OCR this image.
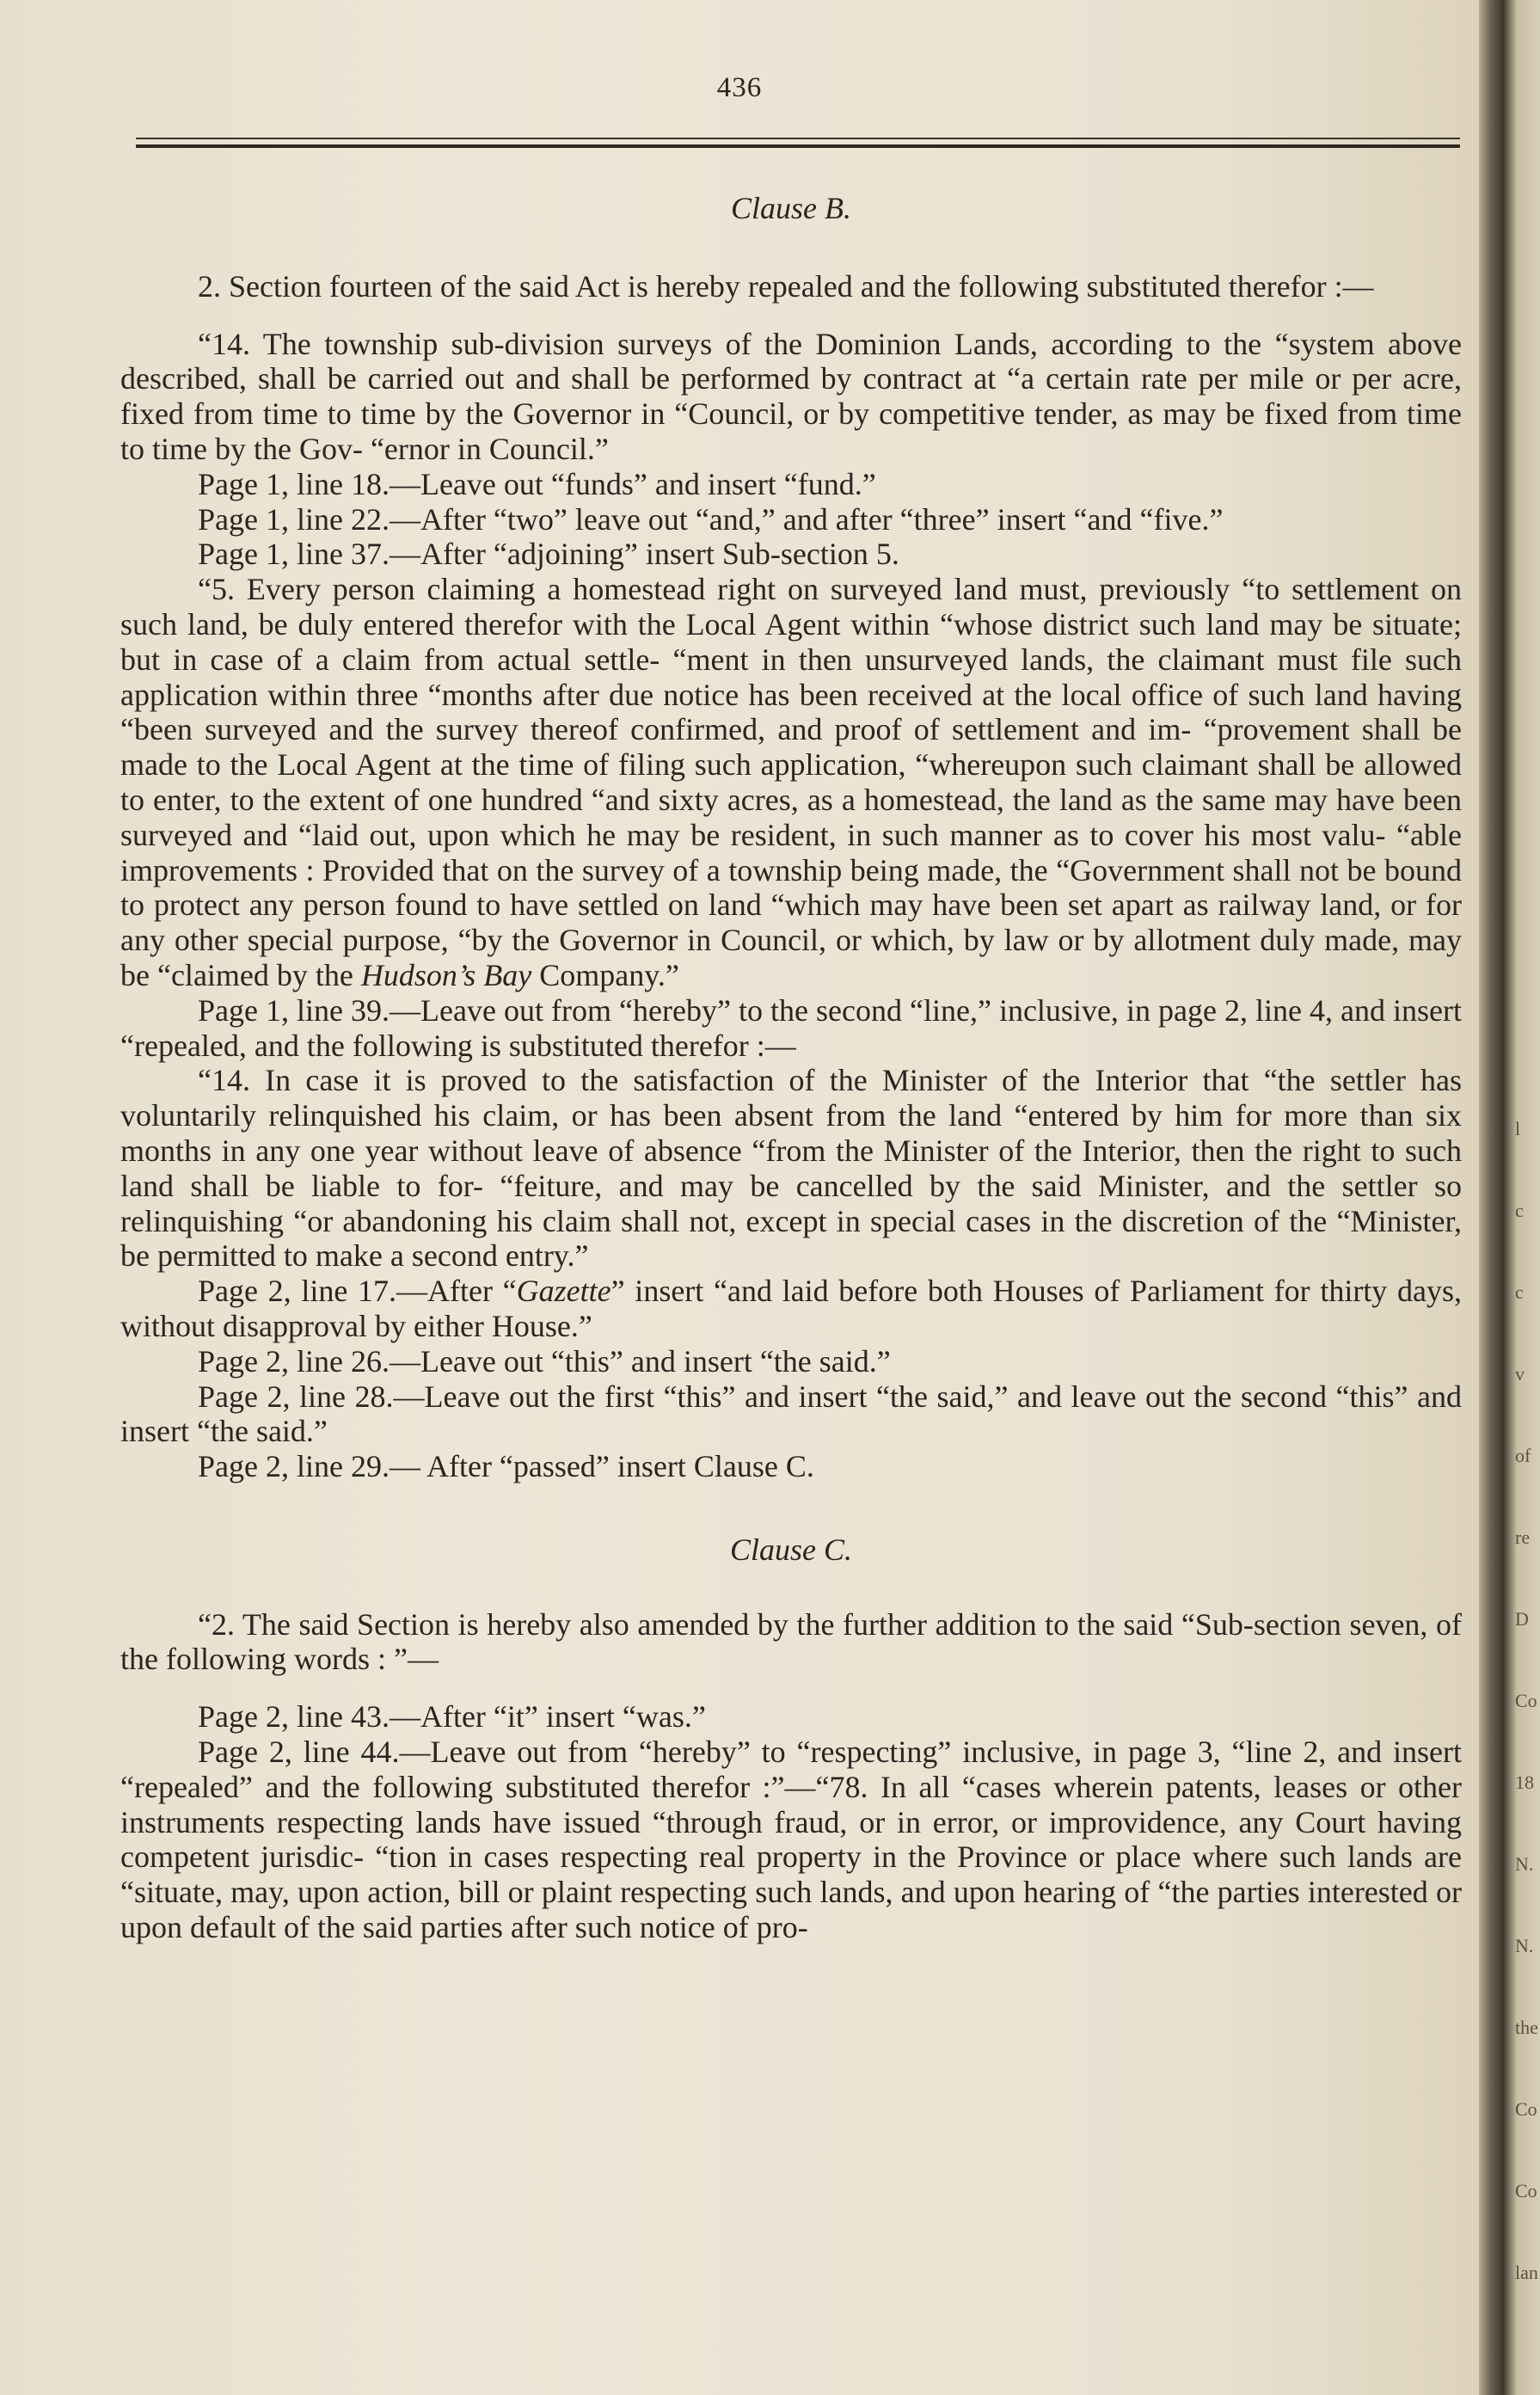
436

Clause B.

2. Section fourteen of the said Act is hereby repealed and the following substituted therefor :—

“14. The township sub-division surveys of the Dominion Lands, according to the “system above described, shall be carried out and shall be performed by contract at “a certain rate per mile or per acre, fixed from time to time by the Governor in “Council, or by competitive tender, as may be fixed from time to time by the Gov- “ernor in Council.”

Page 1, line 18.—Leave out “funds” and insert “fund.”

Page 1, line 22.—After “two” leave out “and,” and after “three” insert “and “five.”

Page 1, line 37.—After “adjoining” insert Sub-section 5.

“5. Every person claiming a homestead right on surveyed land must, previously “to settlement on such land, be duly entered therefor with the Local Agent within “whose district such land may be situate; but in case of a claim from actual settle- “ment in then unsurveyed lands, the claimant must file such application within three “months after due notice has been received at the local office of such land having “been surveyed and the survey thereof confirmed, and proof of settlement and im- “provement shall be made to the Local Agent at the time of filing such application, “whereupon such claimant shall be allowed to enter, to the extent of one hundred “and sixty acres, as a homestead, the land as the same may have been surveyed and “laid out, upon which he may be resident, in such manner as to cover his most valu- “able improvements : Provided that on the survey of a township being made, the “Government shall not be bound to protect any person found to have settled on land “which may have been set apart as railway land, or for any other special purpose, “by the Governor in Council, or which, by law or by allotment duly made, may be “claimed by the Hudson’s Bay Company.”

Page 1, line 39.—Leave out from “hereby” to the second “line,” inclusive, in page 2, line 4, and insert “repealed, and the following is substituted therefor :—

“14. In case it is proved to the satisfaction of the Minister of the Interior that “the settler has voluntarily relinquished his claim, or has been absent from the land “entered by him for more than six months in any one year without leave of absence “from the Minister of the Interior, then the right to such land shall be liable to for- “feiture, and may be cancelled by the said Minister, and the settler so relinquishing “or abandoning his claim shall not, except in special cases in the discretion of the “Minister, be permitted to make a second entry.”

Page 2, line 17.—After “Gazette” insert “and laid before both Houses of Parliament for thirty days, without disapproval by either House.”

Page 2, line 26.—Leave out “this” and insert “the said.”

Page 2, line 28.—Leave out the first “this” and insert “the said,” and leave out the second “this” and insert “the said.”

Page 2, line 29.— After “passed” insert Clause C.

Clause C.

“2. The said Section is hereby also amended by the further addition to the said “Sub-section seven, of the following words : ”—

Page 2, line 43.—After “it” insert “was.”

Page 2, line 44.—Leave out from “hereby” to “respecting” inclusive, in page 3, “line 2, and insert “repealed” and the following substituted therefor :”—“78. In all “cases wherein patents, leases or other instruments respecting lands have issued “through fraud, or in error, or improvidence, any Court having competent jurisdic- “tion in cases respecting real property in the Province or place where such lands are “situate, may, upon action, bill or plaint respecting such lands, and upon hearing of “the parties interested or upon default of the said parties after such notice of pro-

l
c
c
v
of
re
D
Co
18
N.
N.
the
Co
Co
lan
